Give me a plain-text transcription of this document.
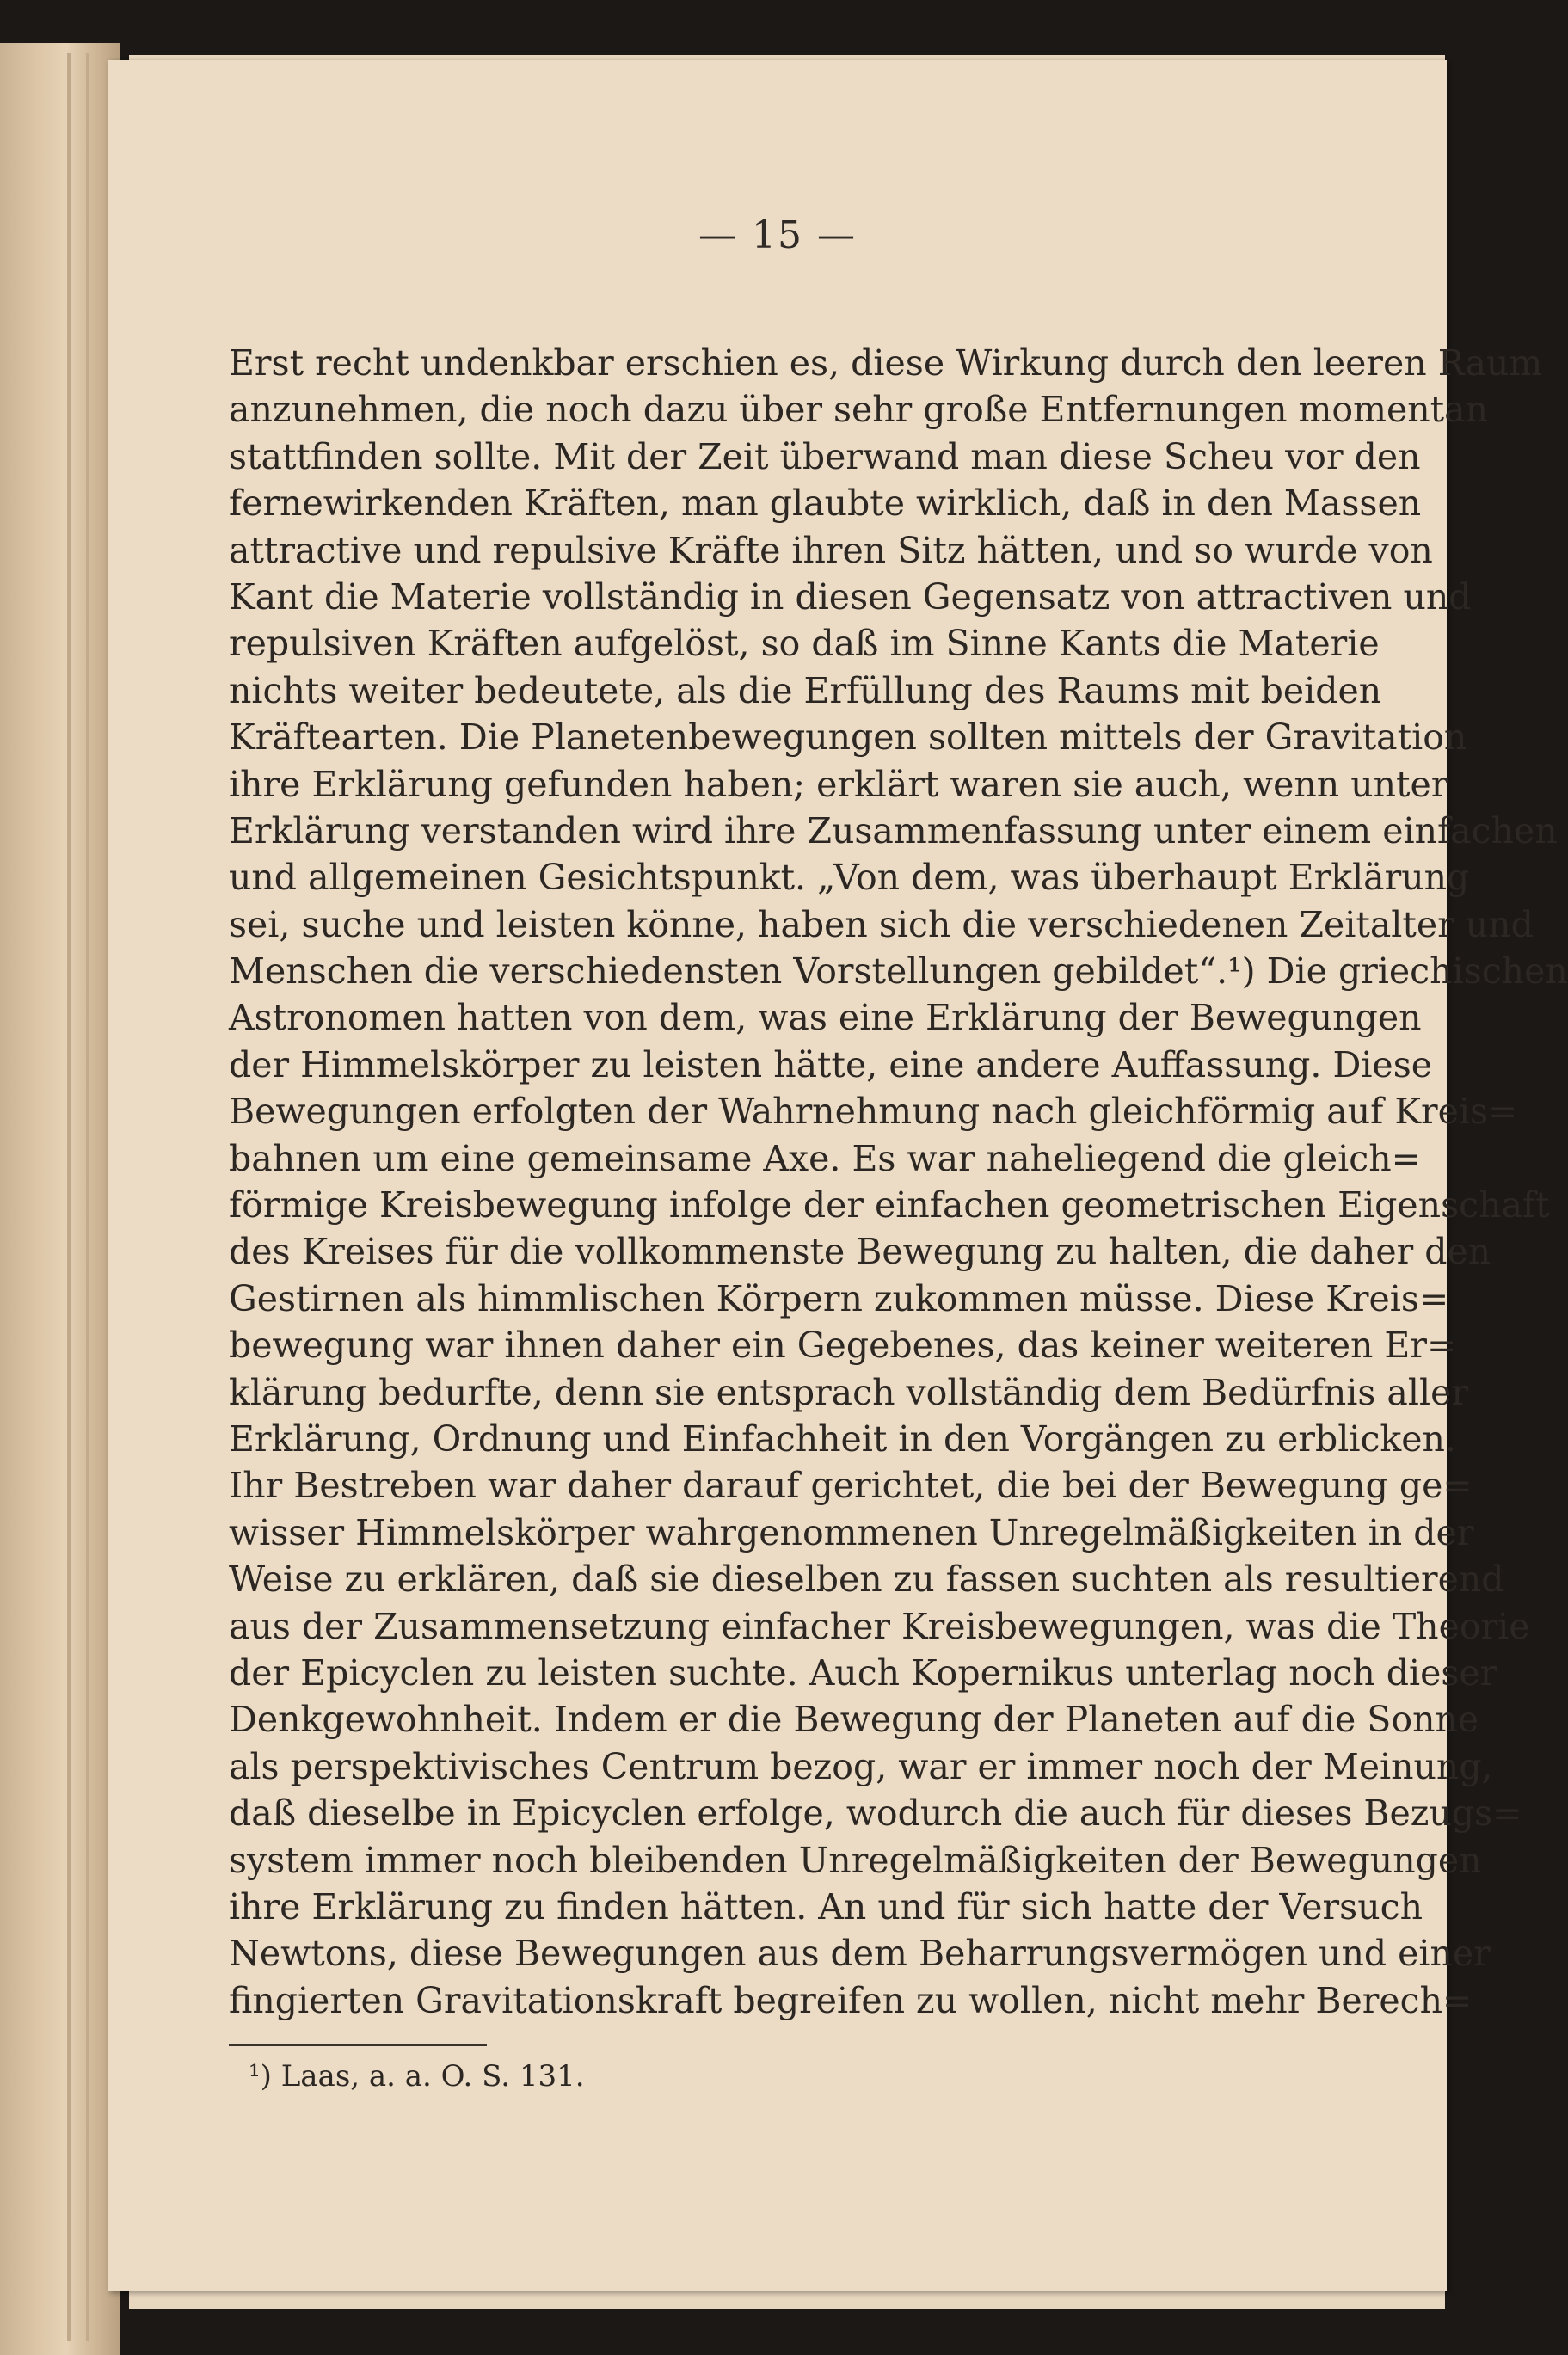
— 15 —
Erst recht undenkbar erschien es, diese Wirkung durch den leeren Raum
anzunehmen, die noch dazu über sehr große Entfernungen momentan
stattfinden sollte. Mit der Zeit überwand man diese Scheu vor den
fernewirkenden Kräften, man glaubte wirklich, daß in den Massen
attractive und repulsive Kräfte ihren Sitz hätten, und so wurde von
Kant die Materie vollständig in diesen Gegensatz von attractiven und
repulsiven Kräften aufgelöst, so daß im Sinne Kants die Materie
nichts weiter bedeutete, als die Erfüllung des Raums mit beiden
Kräftearten. Die Planetenbewegungen sollten mittels der Gravitation
ihre Erklärung gefunden haben; erklärt waren sie auch, wenn unter
Erklärung verstanden wird ihre Zusammenfassung unter einem einfachen
und allgemeinen Gesichtspunkt. „Von dem, was überhaupt Erklärung
sei, suche und leisten könne, haben sich die verschiedenen Zeitalter und
Menschen die verschiedensten Vorstellungen gebildet“.¹) Die griechischen
Astronomen hatten von dem, was eine Erklärung der Bewegungen
der Himmelskörper zu leisten hätte, eine andere Auffassung. Diese
Bewegungen erfolgten der Wahrnehmung nach gleichförmig auf Kreis=
bahnen um eine gemeinsame Axe. Es war naheliegend die gleich=
förmige Kreisbewegung infolge der einfachen geometrischen Eigenschaft
des Kreises für die vollkommenste Bewegung zu halten, die daher den
Gestirnen als himmlischen Körpern zukommen müsse. Diese Kreis=
bewegung war ihnen daher ein Gegebenes, das keiner weiteren Er=
klärung bedurfte, denn sie entsprach vollständig dem Bedürfnis aller
Erklärung, Ordnung und Einfachheit in den Vorgängen zu erblicken.
Ihr Bestreben war daher darauf gerichtet, die bei der Bewegung ge=
wisser Himmelskörper wahrgenommenen Unregelmäßigkeiten in der
Weise zu erklären, daß sie dieselben zu fassen suchten als resultierend
aus der Zusammensetzung einfacher Kreisbewegungen, was die Theorie
der Epicyclen zu leisten suchte. Auch Kopernikus unterlag noch dieser
Denkgewohnheit. Indem er die Bewegung der Planeten auf die Sonne
als perspektivisches Centrum bezog, war er immer noch der Meinung,
daß dieselbe in Epicyclen erfolge, wodurch die auch für dieses Bezugs=
system immer noch bleibenden Unregelmäßigkeiten der Bewegungen
ihre Erklärung zu finden hätten. An und für sich hatte der Versuch
Newtons, diese Bewegungen aus dem Beharrungsvermögen und einer
fingierten Gravitationskraft begreifen zu wollen, nicht mehr Berech=
¹) Laas, a. a. O. S. 131.
